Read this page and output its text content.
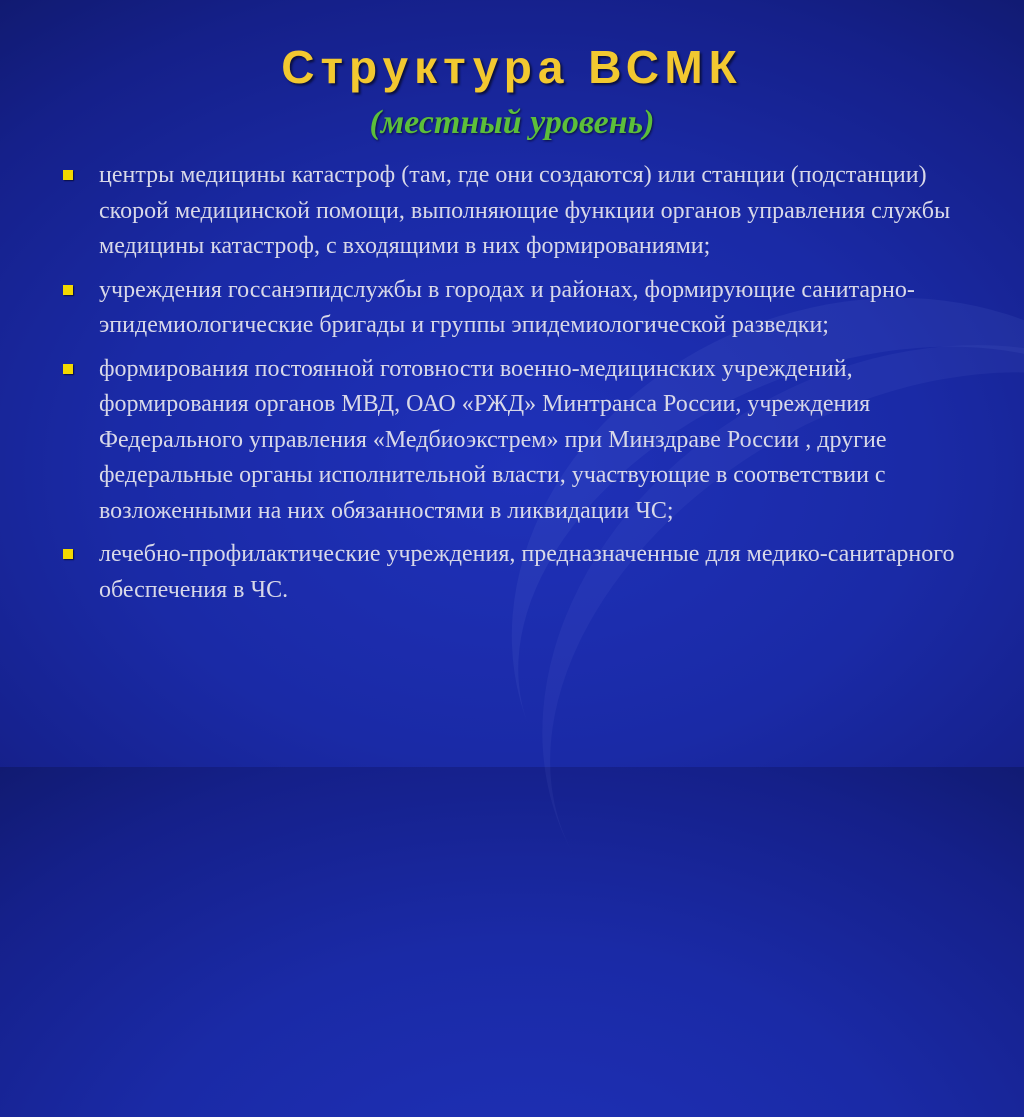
Структура ВСМК
(местный уровень)
центры медицины катастроф (там, где они создаются) или станции (подстанции) скорой медицинской помощи, выполняющие функции органов управления службы медицины катастроф, с входящими в них формированиями;
учреждения госсанэпидслужбы в городах и районах, формирующие санитарно-эпидемиологические бригады и группы эпидемиологической разведки;
формирования постоянной готовности военно-медицинских учреждений, формирования органов МВД, ОАО «РЖД» Минтранса России, учреждения Федерального управления «Медбиоэкстрем» при Минздраве России , другие федеральные органы исполнительной власти, участвующие в соответствии с возложенными на них обязанностями в ликвидации ЧС;
лечебно-профилактические учреждения, предназначенные для медико-санитарного обеспечения в ЧС.
